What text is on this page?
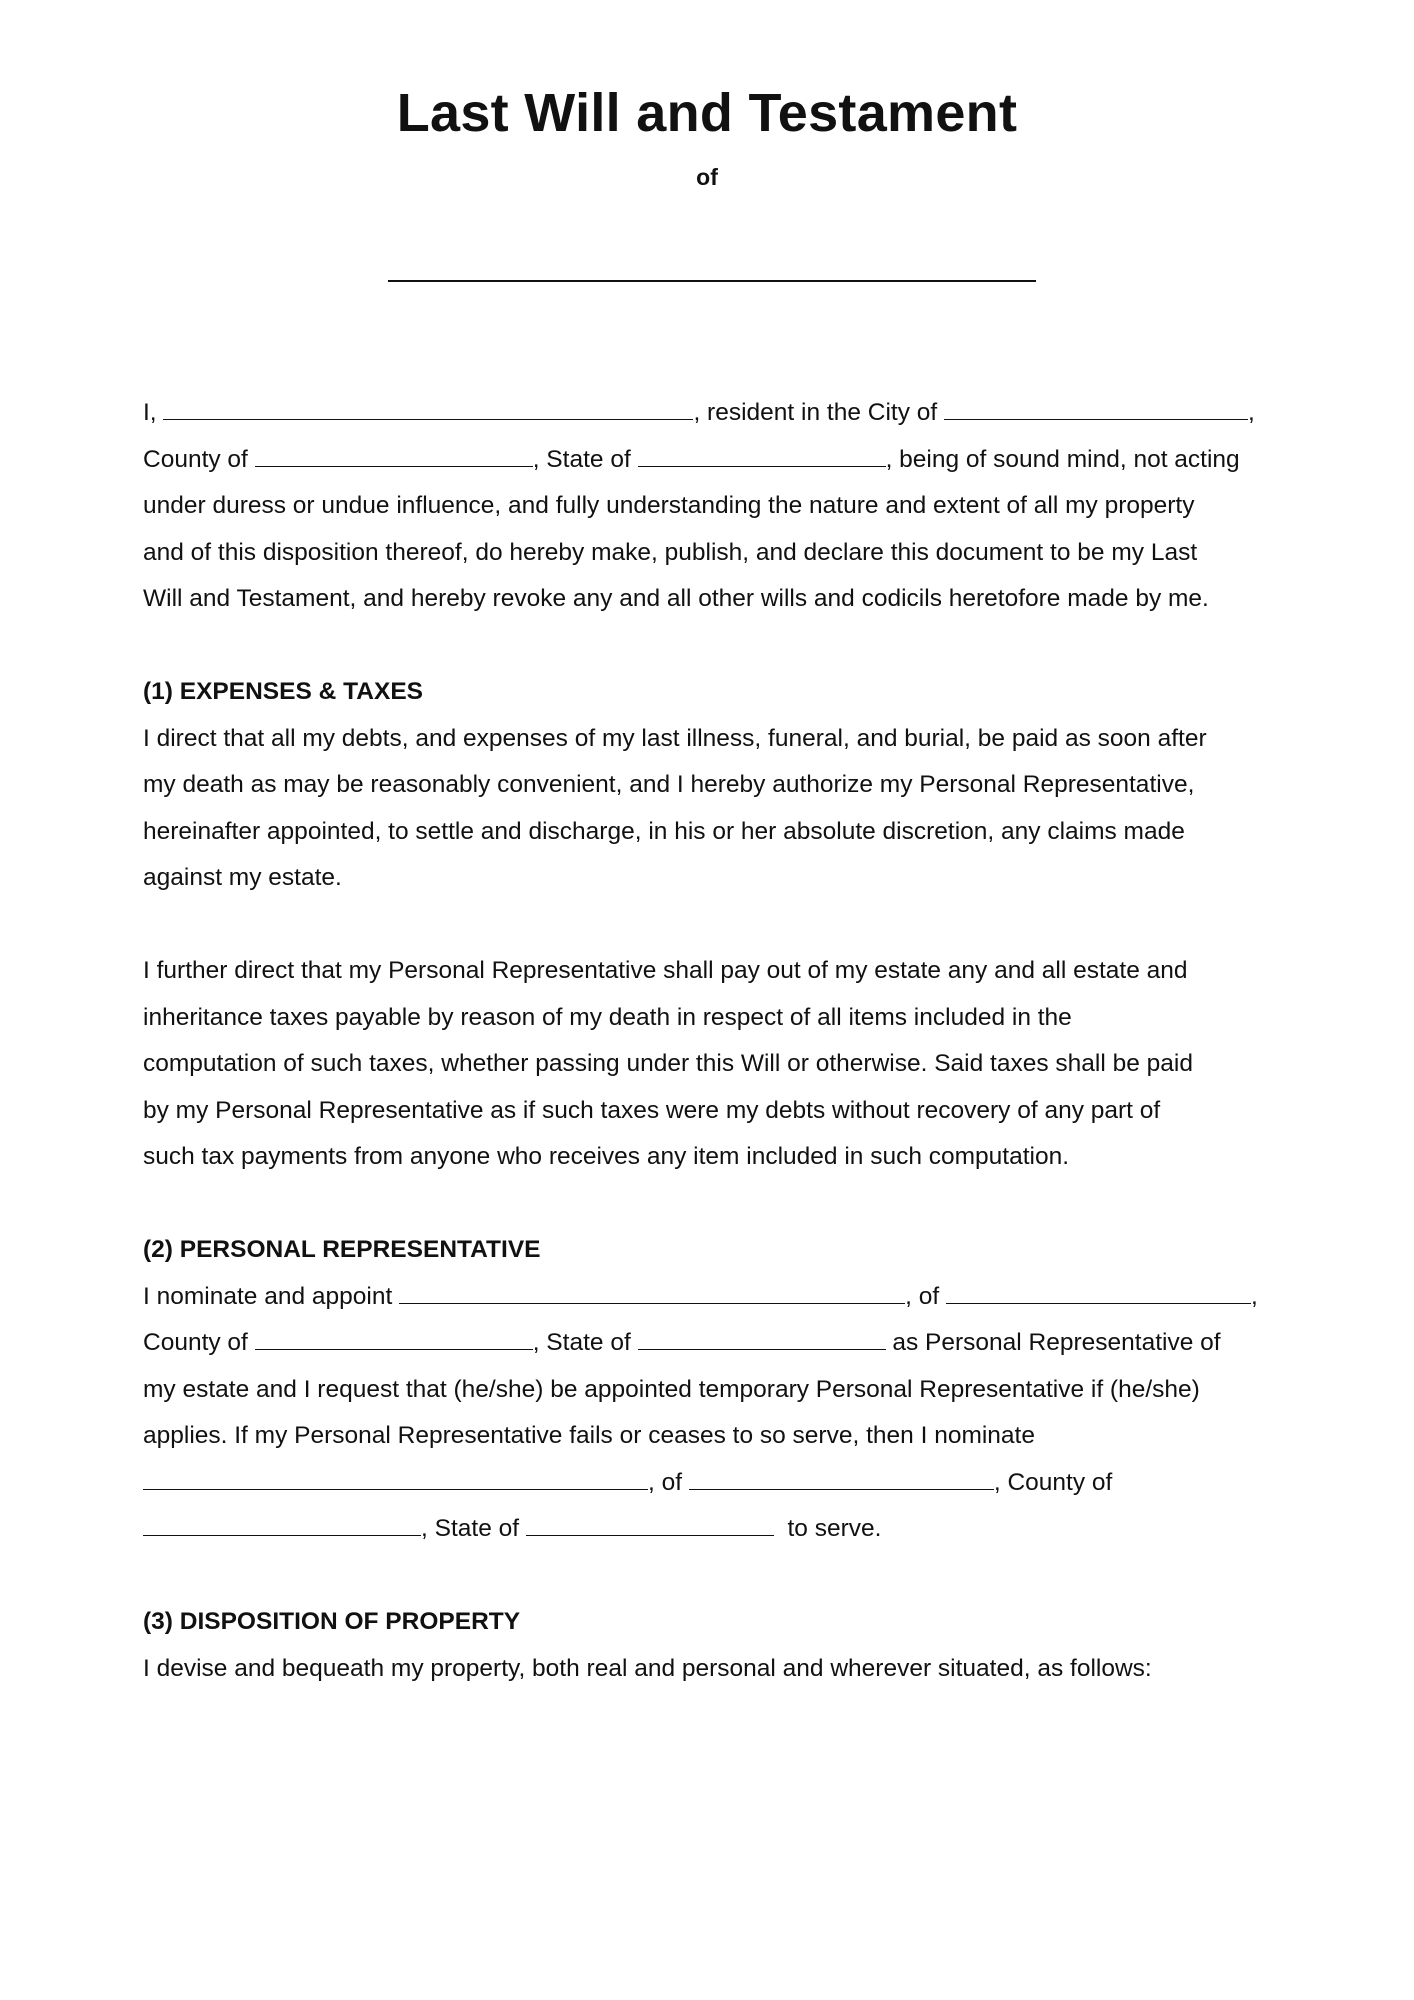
Last Will and Testament
of
I,	, resident in the City of	,
County of	, State of	, being of sound mind, not acting
under duress or undue influence, and fully understanding the nature and extent of all my property
and of this disposition thereof, do hereby make, publish, and declare this document to be my Last
Will and Testament, and hereby revoke any and all other wills and codicils heretofore made by me.
(1) EXPENSES & TAXES
I direct that all my debts, and expenses of my last illness, funeral, and burial, be paid as soon after
my death as may be reasonably convenient, and I hereby authorize my Personal Representative,
hereinafter appointed, to settle and discharge, in his or her absolute discretion, any claims made
against my estate.
I further direct that my Personal Representative shall pay out of my estate any and all estate and
inheritance taxes payable by reason of my death in respect of all items included in the
computation of such taxes, whether passing under this Will or otherwise. Said taxes shall be paid
by my Personal Representative as if such taxes were my debts without recovery of any part of
such tax payments from anyone who receives any item included in such computation.
(2) PERSONAL REPRESENTATIVE
I nominate and appoint	, of	,
County of	, State of	as Personal Representative of
my estate and I request that (he/she) be appointed temporary Personal Representative if (he/she)
applies. If my Personal Representative fails or ceases to so serve, then I nominate
, of	, County of
, State of	to serve.
(3) DISPOSITION OF PROPERTY
I devise and bequeath my property, both real and personal and wherever situated, as follows:
